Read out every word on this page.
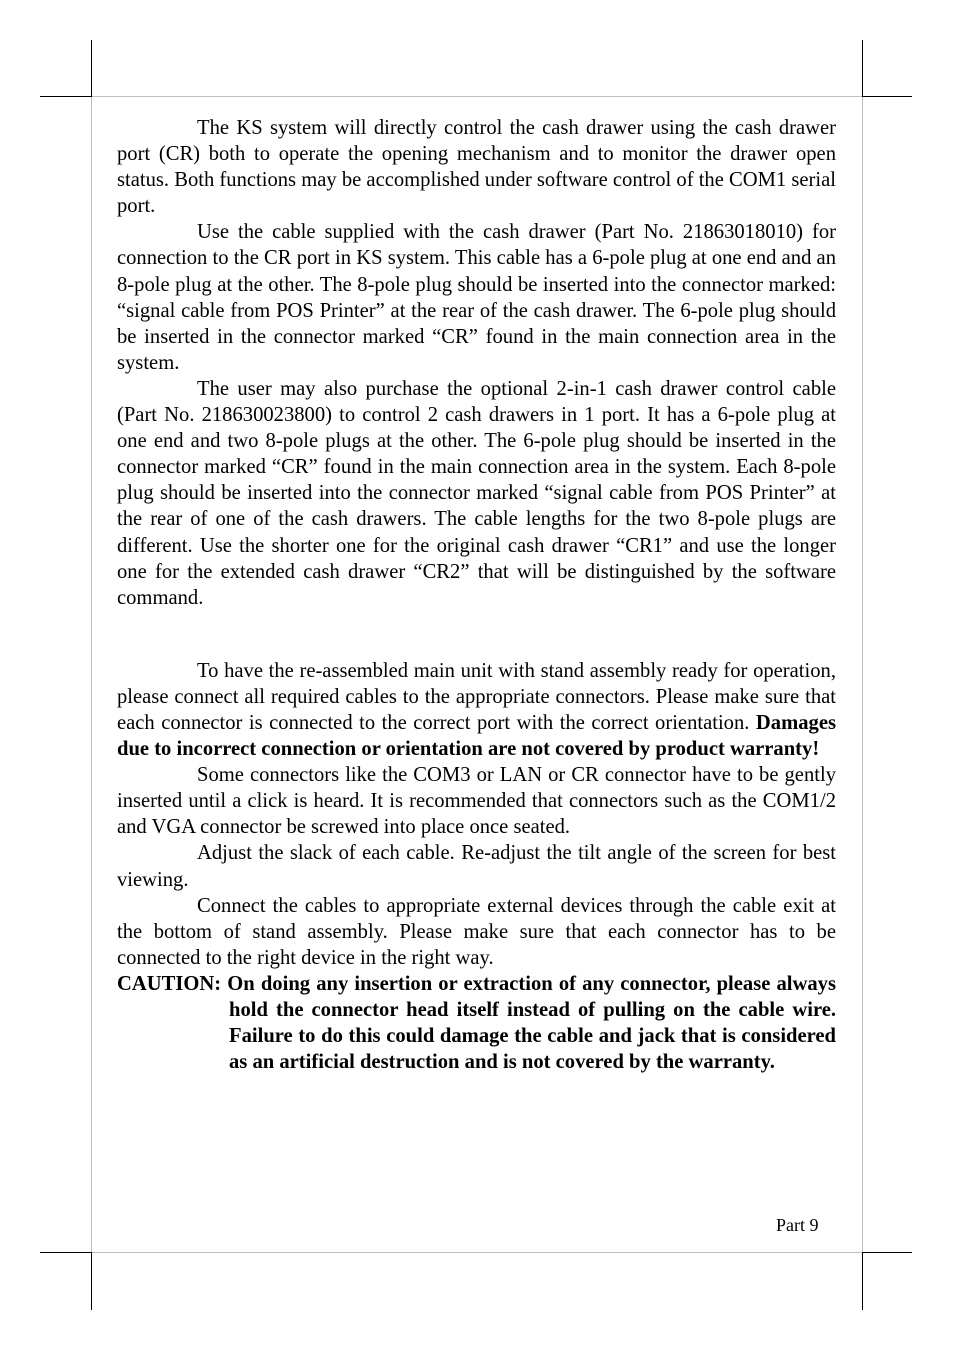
The KS system will directly control the cash drawer using the cash drawer port (CR) both to operate the opening mechanism and to monitor the drawer open status. Both functions may be accomplished under software control of the COM1 serial port.

Use the cable supplied with the cash drawer (Part No. 21863018010) for connection to the CR port in KS system. This cable has a 6-pole plug at one end and an 8-pole plug at the other. The 8-pole plug should be inserted into the connector marked: “signal cable from POS Printer” at the rear of the cash drawer. The 6-pole plug should be inserted in the connector marked “CR” found in the main connection area in the system.

The user may also purchase the optional 2-in-1 cash drawer control cable (Part No. 218630023800) to control 2 cash drawers in 1 port. It has a 6-pole plug at one end and two 8-pole plugs at the other. The 6-pole plug should be inserted in the connector marked “CR” found in the main connection area in the system. Each 8-pole plug should be inserted into the connector marked “signal cable from POS Printer” at the rear of one of the cash drawers. The cable lengths for the two 8-pole plugs are different. Use the shorter one for the original cash drawer “CR1” and use the longer one for the extended cash drawer “CR2” that will be distinguished by the software command.

To have the re-assembled main unit with stand assembly ready for operation, please connect all required cables to the appropriate connectors. Please make sure that each connector is connected to the correct port with the correct orientation. Damages due to incorrect connection or orientation are not covered by product warranty!

Some connectors like the COM3 or LAN or CR connector have to be gently inserted until a click is heard. It is recommended that connectors such as the COM1/2 and VGA connector be screwed into place once seated.

Adjust the slack of each cable. Re-adjust the tilt angle of the screen for best viewing.

Connect the cables to appropriate external devices through the cable exit at the bottom of stand assembly. Please make sure that each connector has to be connected to the right device in the right way.

CAUTION: On doing any insertion or extraction of any connector, please always hold the connector head itself instead of pulling on the cable wire. Failure to do this could damage the cable and jack that is considered as an artificial destruction and is not covered by the warranty.

Part 9
